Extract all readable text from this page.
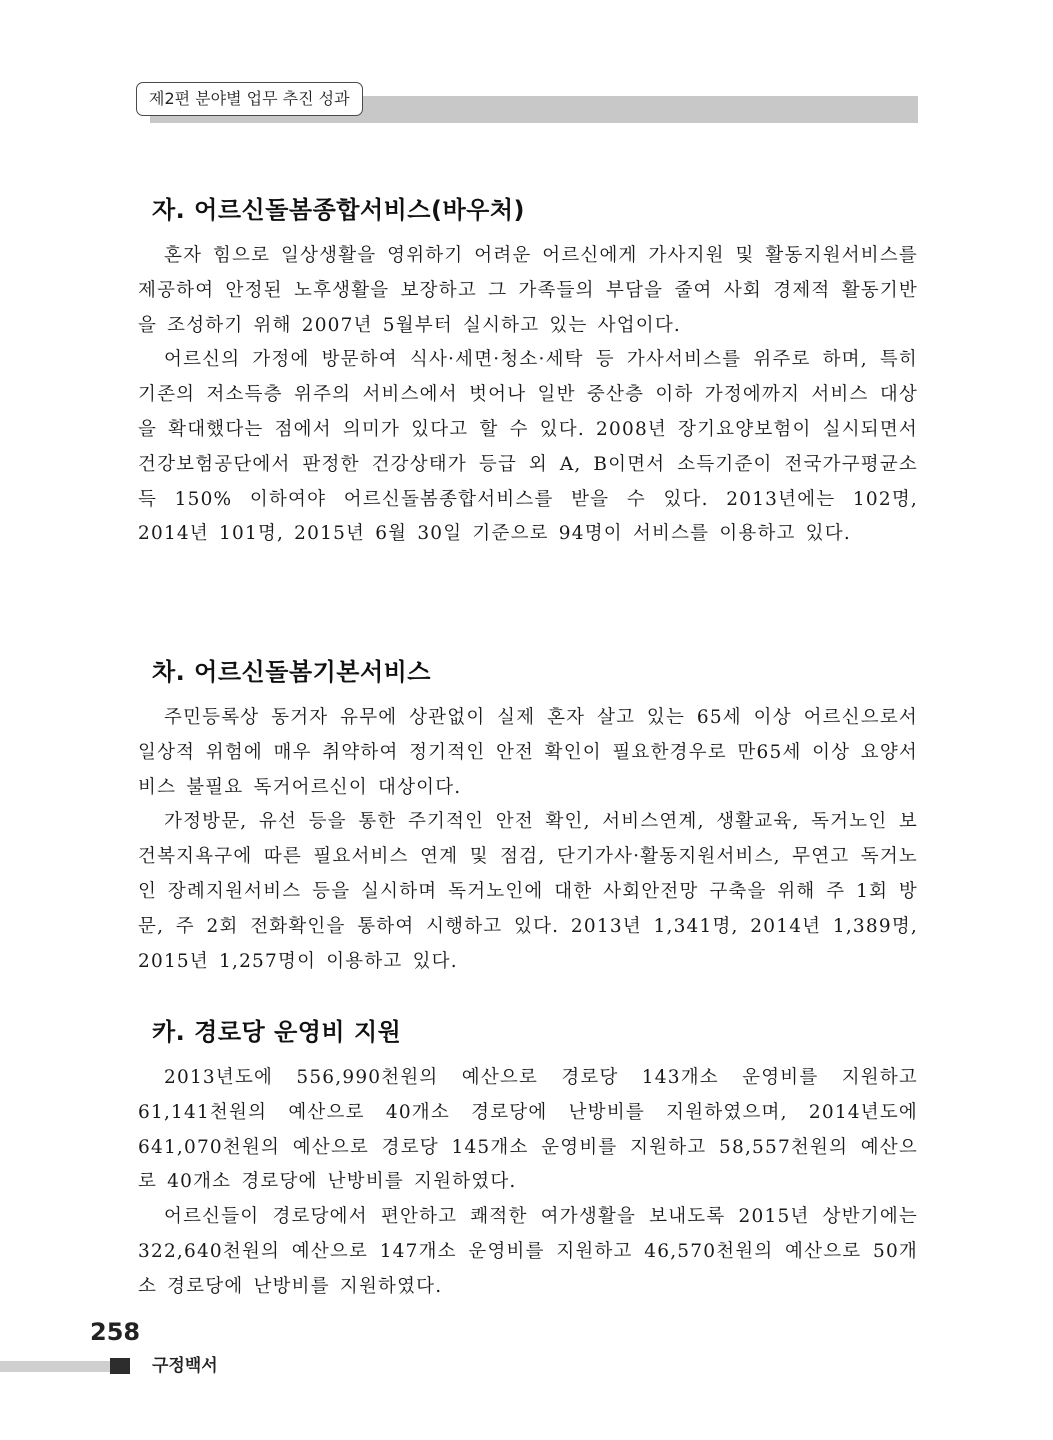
제2편 분야별 업무 추진 성과
자. 어르신돌봄종합서비스(바우처)

혼자 힘으로 일상생활을 영위하기 어려운 어르신에게 가사지원 및 활동지원서비스를 제공하여 안정된 노후생활을 보장하고 그 가족들의 부담을 줄여 사회 경제적 활동기반을 조성하기 위해 2007년 5월부터 실시하고 있는 사업이다.

어르신의 가정에 방문하여 식사·세면·청소·세탁 등 가사서비스를 위주로 하며, 특히 기존의 저소득층 위주의 서비스에서 벗어나 일반 중산층 이하 가정에까지 서비스 대상을 확대했다는 점에서 의미가 있다고 할 수 있다. 2008년 장기요양보험이 실시되면서 건강보험공단에서 판정한 건강상태가 등급 외 A, B이면서 소득기준이 전국가구평균소득 150% 이하여야 어르신돌봄종합서비스를 받을 수 있다. 2013년에는 102명, 2014년 101명, 2015년 6월 30일 기준으로 94명이 서비스를 이용하고 있다.

차. 어르신돌봄기본서비스

주민등록상 동거자 유무에 상관없이 실제 혼자 살고 있는 65세 이상 어르신으로서 일상적 위험에 매우 취약하여 정기적인 안전 확인이 필요한경우로 만65세 이상 요양서비스 불필요 독거어르신이 대상이다.

가정방문, 유선 등을 통한 주기적인 안전 확인, 서비스연계, 생활교육, 독거노인 보건복지욕구에 따른 필요서비스 연계 및 점검, 단기가사·활동지원서비스, 무연고 독거노인 장례지원서비스 등을 실시하며 독거노인에 대한 사회안전망 구축을 위해 주 1회 방문, 주 2회 전화확인을 통하여 시행하고 있다. 2013년 1,341명, 2014년 1,389명, 2015년 1,257명이 이용하고 있다.

카. 경로당 운영비 지원

2013년도에 556,990천원의 예산으로 경로당 143개소 운영비를 지원하고 61,141천원의 예산으로 40개소 경로당에 난방비를 지원하였으며, 2014년도에 641,070천원의 예산으로 경로당 145개소 운영비를 지원하고 58,557천원의 예산으로 40개소 경로당에 난방비를 지원하였다.

어르신들이 경로당에서 편안하고 쾌적한 여가생활을 보내도록 2015년 상반기에는 322,640천원의 예산으로 147개소 운영비를 지원하고 46,570천원의 예산으로 50개소 경로당에 난방비를 지원하였다.

258
구정백서
